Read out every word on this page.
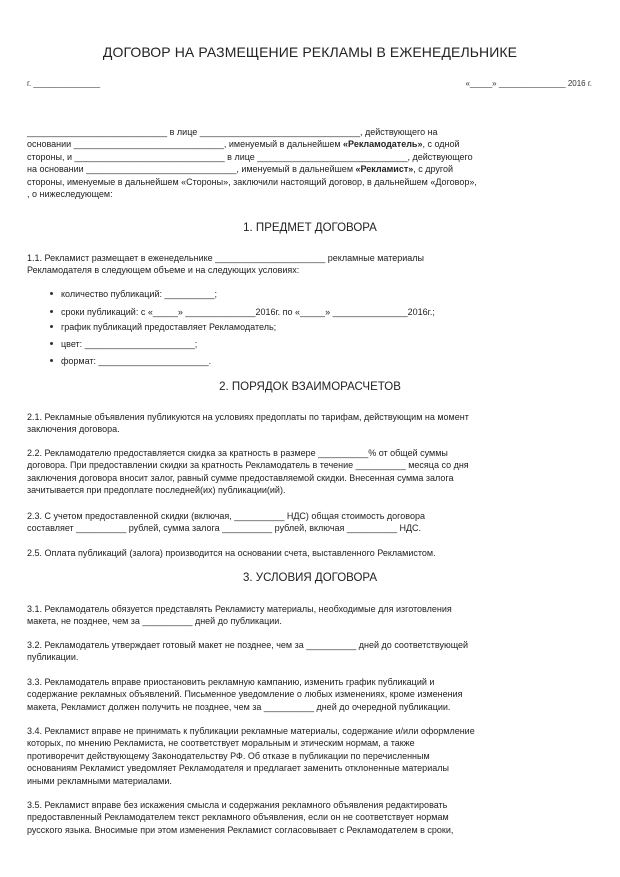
ДОГОВОР НА РАЗМЕЩЕНИЕ РЕКЛАМЫ В ЕЖЕНЕДЕЛЬНИКЕ
г. _______________	«_____» _______________ 2016 г.
____________________________ в лице ________________________________, действующего на
основании ______________________________, именуемый в дальнейшем «Рекламодатель», с одной
стороны, и ______________________________ в лице ______________________________, действующего
на основании ______________________________, именуемый в дальнейшем «Рекламист», с другой
стороны, именуемые в дальнейшем «Стороны», заключили настоящий договор, в дальнейшем «Договор»,
, о нижеследующем:
1. ПРЕДМЕТ ДОГОВОРА
1.1. Рекламист размещает в еженедельнике ______________________ рекламные материалы
Рекламодателя в следующем объеме и на следующих условиях:
количество публикаций: __________;
сроки публикаций: с «_____» ______________2016г. по «_____» _______________2016г.;
график публикаций предоставляет Рекламодатель;
цвет: ______________________;
формат: ______________________.
2. ПОРЯДОК ВЗАИМОРАСЧЕТОВ
2.1. Рекламные объявления публикуются на условиях предоплаты по тарифам, действующим на момент
заключения договора.
2.2. Рекламодателю предоставляется скидка за кратность в размере __________% от общей суммы
договора. При предоставлении скидки за кратность Рекламодатель в течение __________ месяца со дня
заключения договора вносит залог, равный сумме предоставляемой скидки. Внесенная сумма залога
зачитывается при предоплате последней(их) публикации(ий).
2.3. С учетом предоставленной скидки (включая, __________ НДС) общая стоимость договора
составляет __________ рублей, сумма залога __________ рублей, включая __________ НДС.
2.5. Оплата публикаций (залога) производится на основании счета, выставленного Рекламистом.
3. УСЛОВИЯ ДОГОВОРА
3.1. Рекламодатель обязуется представлять Рекламисту материалы, необходимые для изготовления
макета, не позднее, чем за __________ дней до публикации.
3.2. Рекламодатель утверждает готовый макет не позднее, чем за __________ дней до соответствующей
публикации.
3.3. Рекламодатель вправе приостановить рекламную кампанию, изменить график публикаций и
содержание рекламных объявлений. Письменное уведомление о любых изменениях, кроме изменения
макета, Рекламист должен получить не позднее, чем за __________ дней до очередной публикации.
3.4. Рекламист вправе не принимать к публикации рекламные материалы, содержание и/или оформление
которых, по мнению Рекламиста, не соответствует моральным и этическим нормам, а также
противоречит действующему Законодательству РФ. Об отказе в публикации по перечисленным
основаниям Рекламист уведомляет Рекламодателя и предлагает заменить отклоненные материалы
иными рекламными материалами.
3.5. Рекламист вправе без искажения смысла и содержания рекламного объявления редактировать
предоставленный Рекламодателем текст рекламного объявления, если он не соответствует нормам
русского языка. Вносимые при этом изменения Рекламист согласовывает с Рекламодателем в сроки,
